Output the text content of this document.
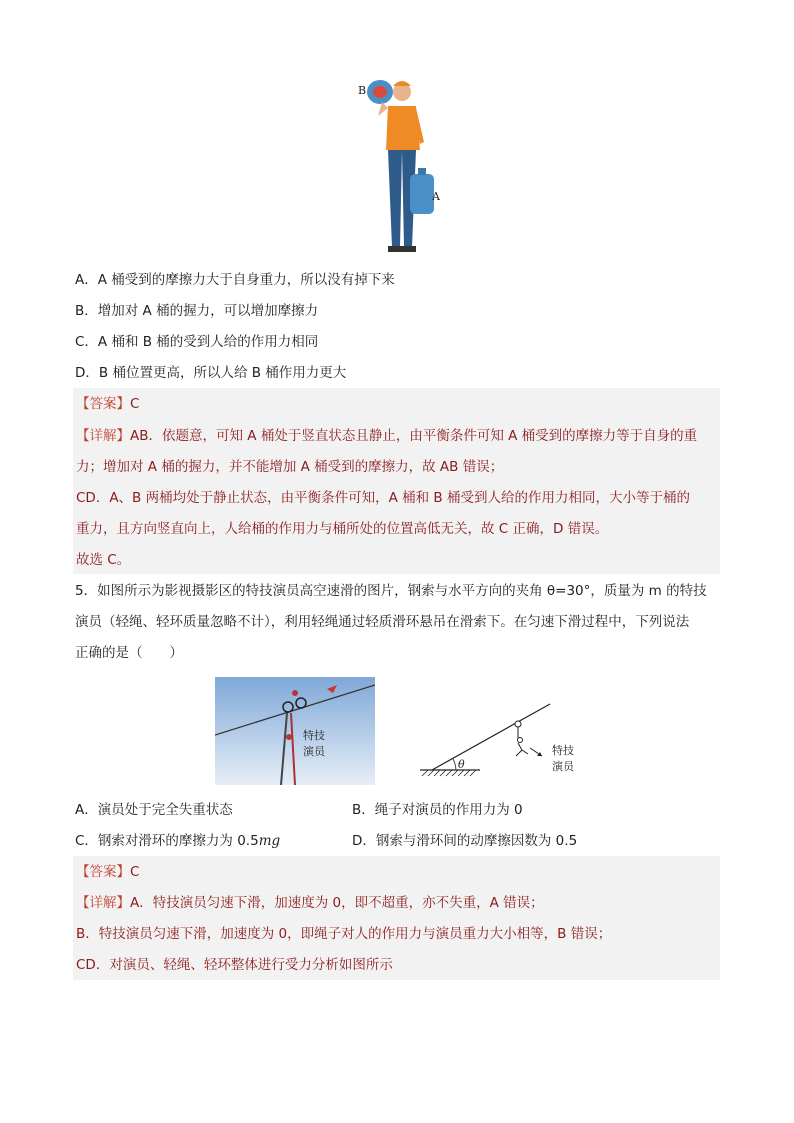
B
A
A．A 桶受到的摩擦力大于自身重力，所以没有掉下来
B．增加对 A 桶的握力，可以增加摩擦力
C．A 桶和 B 桶的受到人给的作用力相同
D．B 桶位置更高，所以人给 B 桶作用力更大
【答案】C
【详解】AB．依题意，可知 A 桶处于竖直状态且静止，由平衡条件可知 A 桶受到的摩擦力等于自身的重
力；增加对 A 桶的握力，并不能增加 A 桶受到的摩擦力，故 AB 错误；
CD．A、B 两桶均处于静止状态，由平衡条件可知，A 桶和 B 桶受到人给的作用力相同，大小等于桶的
重力，且方向竖直向上，人给桶的作用力与桶所处的位置高低无关，故 C 正确，D 错误。
故选 C。
5．如图所示为影视摄影区的特技演员高空速滑的图片，钢索与水平方向的夹角 θ=30°，质量为 m 的特技
演员（轻绳、轻环质量忽略不计），利用轻绳通过轻质滑环悬吊在滑索下。在匀速下滑过程中，下列说法
正确的是（　　）
特技
演员
θ
特技
演员
A．演员处于完全失重状态	B．绳子对演员的作用力为 0
C．钢索对滑环的摩擦力为 0.5mg	D．钢索与滑环间的动摩擦因数为 0.5
【答案】C
【详解】A．特技演员匀速下滑，加速度为 0，即不超重，亦不失重，A 错误；
B．特技演员匀速下滑，加速度为 0，即绳子对人的作用力与演员重力大小相等，B 错误；
CD．对演员、轻绳、轻环整体进行受力分析如图所示
